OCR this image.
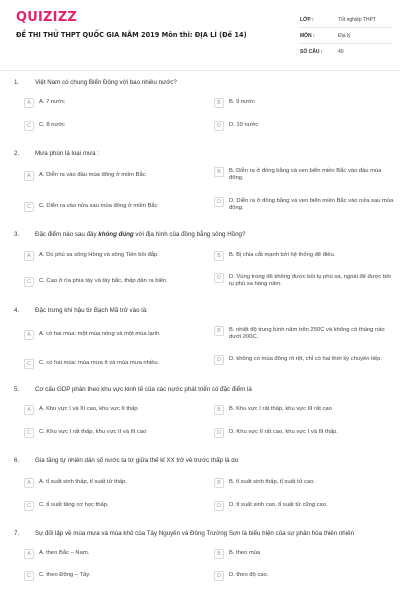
QUIZIZZ
ĐỀ THI THỬ THPT QUỐC GIA NĂM 2019 Môn thi: ĐỊA LÍ (Đề 14)
LỚP :	Tốt nghiệp THPT
MÔN :	Địa lý
SỐ CÂU :	40
1.	Việt Nam có chung Biển Đông với bao nhiêu nước?
A	A. 7 nước	B	B. 9 nước
C	C. 8 nước	D	D. 10 nước
2.	Mưa phùn là loại mưa :
A	A. Diễn ra vào đầu mùa đông ở miền Bắc	B	B. Diễn ra ở đồng bằng và ven biển miền Bắc vào đầu mùa đông.
C	C. Diễn ra vào nửa sau mùa đông ở miền Bắc
D	D. Diễn ra ở đồng bằng và ven biển miền Bắc vào nửa sau mùa đông.
3.	Đặc điểm nào sau đây không đúng với địa hình của đồng bằng sông Hồng?
A	A. Do phù sa sông Hồng và sông Tiền bồi đắp.	B	B. Bị chia cắt mạnh bởi hệ thống đê điều.
C	C. Cao ở rìa phía tây và tây bắc, thấp dần ra biển.	D	D. Vùng trong đê không được bồi tụ phù sa, ngoài đê được bồi tụ phù sa hàng năm.
4.	Đặc trưng khí hậu từ Bạch Mã trở vào là:
A	A. có hai mùa: một mùa nóng và một mùa lạnh.	B	B. nhiệt độ trung bình năm trên 250C và không có tháng nào dưới 200C.
C	C. có hai mùa: mùa mưa ít và mùa mưa nhiều.	D	D. không có mùa đông rõ rệt, chỉ có hai thời kỳ chuyển tiếp.
5.	Cơ cấu GDP phân theo khu vực kinh tế của các nước phát triển có đặc điểm là
A	A. Khu vực I và III cao, khu vực II thấp	B	B. Khu vực I rất thấp, khu vực III rất cao
C	C. Khu vực I rất thấp, khu vực II và III cao	D	D. Khu vực II rất cao, khu vực I và III thấp.
6.	Gia tăng tự nhiên dân số nước ta từ giữa thế kỉ XX trở về trước thấp là do
A	A. tỉ suất sinh thấp, tỉ suất tử thấp.	B	B. tỉ suất sinh thấp, tỉ suất tử cao.
C	C. tỉ suất tăng cơ học thấp.	D	D. tỉ suất sinh cao, tỉ suất tử cũng cao.
7.	Sự đối lập về mùa mưa và mùa khô của Tây Nguyên và Đông Trường Sơn là biểu hiện của sự phân hóa thiên nhiên
A	A. theo Bắc – Nam.	B	B. theo mùa
C	C. theo Đông – Tây.	D	D. theo độ cao.
